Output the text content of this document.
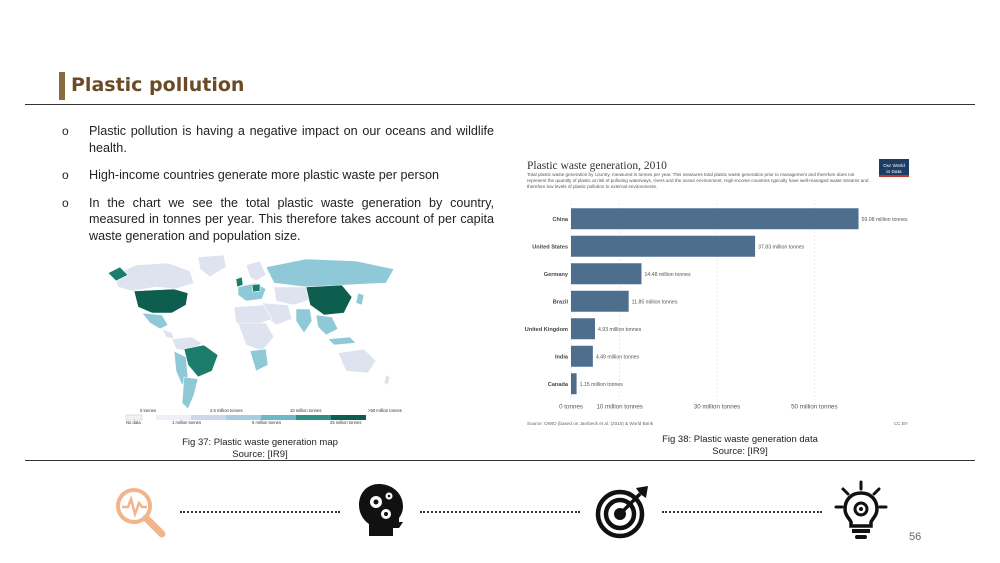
Plastic pollution
o Plastic pollution is having a negative impact on our oceans and wildlife health.
o High-income countries generate more plastic waste per person
o In the chart we see the total plastic waste generation by country, measured in tonnes per year. This therefore takes account of per capita waste generation and population size.
0 tonnes	2.5 million tonnes	10 million tonnes	>50 million tonnes
No data	1 million tonnes	5 million tonnes	25 million tonnes
Plastic waste generation, 2010
Total plastic waste generation by country, measured in tonnes per year. This measures total plastic waste generation prior to management and therefore does not represent the quantity of plastic at risk of polluting waterways, rivers and the ocean environment. High-income countries typically have well-managed waste streams and therefore low levels of plastic pollution to external environments.
Our World
in Data
China	59.08 million tonnes
United States	37.83 million tonnes
Germany	14.48 million tonnes
Brazil	11.85 million tonnes
United Kingdom	4.93 million tonnes
India	4.49 million tonnes
Canada 1.15 million tonnes
0 tonnes 10 million tonnes	30 million tonnes	50 million tonnes
Source: OWID (based on Jambeck et al. (2015) & World Bank	CC BY
Fig 37: Plastic waste generation map
Source: [IR9]
Fig 38: Plastic waste generation data
Source: [IR9]
56
